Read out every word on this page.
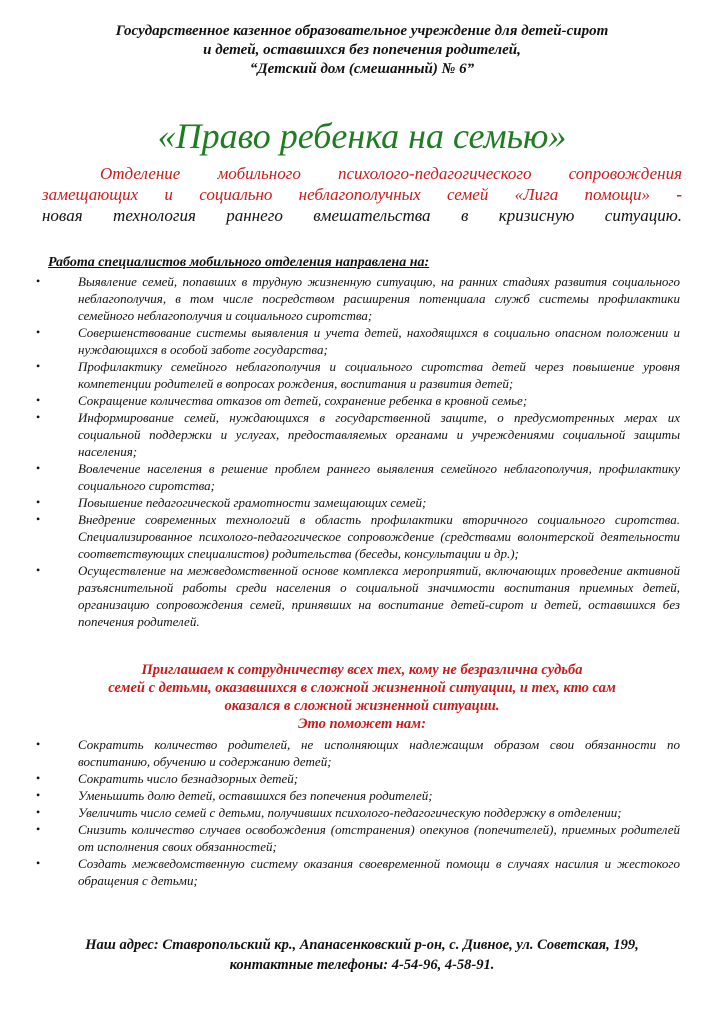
Государственное казенное образовательное учреждение для детей-сирот
и детей, оставшихся без попечения родителей,
“Детский дом (смешанный) № 6”
«Право ребенка на семью»
Отделение мобильного психолого-педагогического сопровождения
замещающих и социально неблагополучных семей «Лига помощи» -
новая технология раннего вмешательства в кризисную ситуацию.
Работа специалистов мобильного отделения направлена на:
• Выявление семей, попавших в трудную жизненную ситуацию, на ранних стадиях развития социального неблагополучия, в том числе посредством расширения потенциала служб системы профилактики семейного неблагополучия и социального сиротства;
• Совершенствование системы выявления и учета детей, находящихся в социально опасном положении и нуждающихся в особой заботе государства;
• Профилактику семейного неблагополучия и социального сиротства детей через повышение уровня компетенции родителей в вопросах рождения, воспитания и развития детей;
• Сокращение количества отказов от детей, сохранение ребенка в кровной семье;
• Информирование семей, нуждающихся в государственной защите, о предусмотренных мерах их социальной поддержки и услугах, предоставляемых органами и учреждениями социальной защиты населения;
• Вовлечение населения в решение проблем раннего выявления семейного неблагополучия, профилактику социального сиротства;
• Повышение педагогической грамотности замещающих семей;
• Внедрение современных технологий в область профилактики вторичного социального сиротства. Специализированное психолого-педагогическое сопровождение (средствами волонтерской деятельности соответствующих специалистов) родительства (беседы, консультации и др.);
• Осуществление на межведомственной основе комплекса мероприятий, включающих проведение активной разъяснительной работы среди населения о социальной значимости воспитания приемных детей, организацию сопровождения семей, принявших на воспитание детей-сирот и детей, оставшихся без попечения родителей.
Приглашаем к сотрудничеству всех тех, кому не безразлична судьба
семей с детьми, оказавшихся в сложной жизненной ситуации, и тех, кто сам
оказался в сложной жизненной ситуации.
Это поможет нам:
• Сократить количество родителей, не исполняющих надлежащим образом свои обязанности по воспитанию, обучению и содержанию детей;
• Сократить число безнадзорных детей;
• Уменьшить долю детей, оставшихся без попечения родителей;
• Увеличить число семей с детьми, получивших психолого-педагогическую поддержку в отделении;
• Снизить количество случаев освобождения (отстранения) опекунов (попечителей), приемных родителей от исполнения своих обязанностей;
• Создать межведомственную систему оказания своевременной помощи в случаях насилия и жестокого обращения с детьми;
Наш адрес: Ставропольский кр., Апанасенковский р-он, с. Дивное, ул. Советская, 199,
контактные телефоны: 4-54-96, 4-58-91.
